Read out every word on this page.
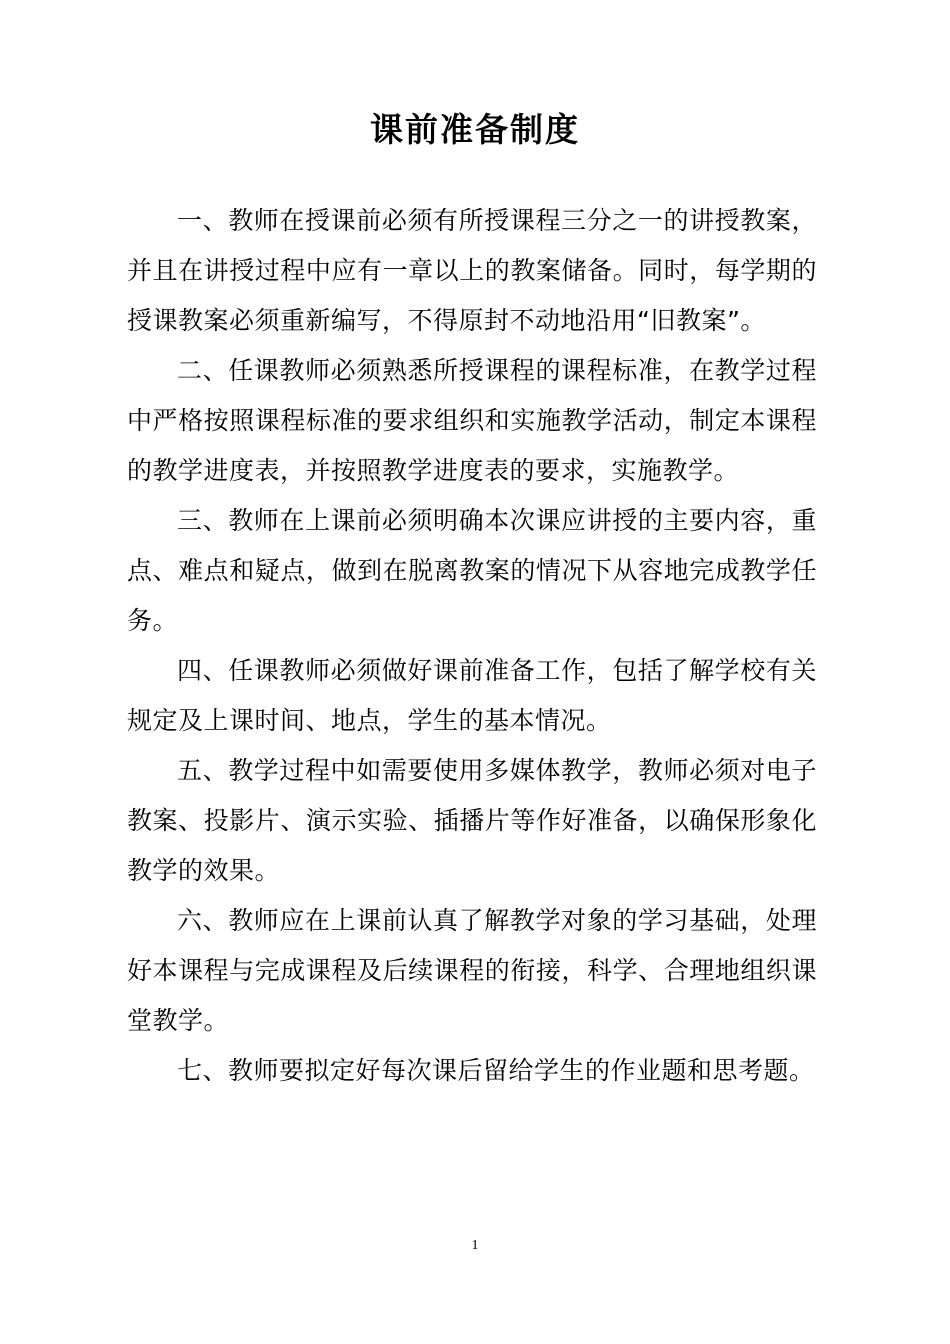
课前准备制度

一、教师在授课前必须有所授课程三分之一的讲授教案，并且在讲授过程中应有一章以上的教案储备。同时，每学期的授课教案必须重新编写，不得原封不动地沿用“旧教案”。

二、任课教师必须熟悉所授课程的课程标准，在教学过程中严格按照课程标准的要求组织和实施教学活动，制定本课程的教学进度表，并按照教学进度表的要求，实施教学。

三、教师在上课前必须明确本次课应讲授的主要内容，重点、难点和疑点，做到在脱离教案的情况下从容地完成教学任务。

四、任课教师必须做好课前准备工作，包括了解学校有关规定及上课时间、地点，学生的基本情况。

五、教学过程中如需要使用多媒体教学，教师必须对电子教案、投影片、演示实验、插播片等作好准备，以确保形象化教学的效果。

六、教师应在上课前认真了解教学对象的学习基础，处理好本课程与完成课程及后续课程的衔接，科学、合理地组织课堂教学。

七、教师要拟定好每次课后留给学生的作业题和思考题。

1
